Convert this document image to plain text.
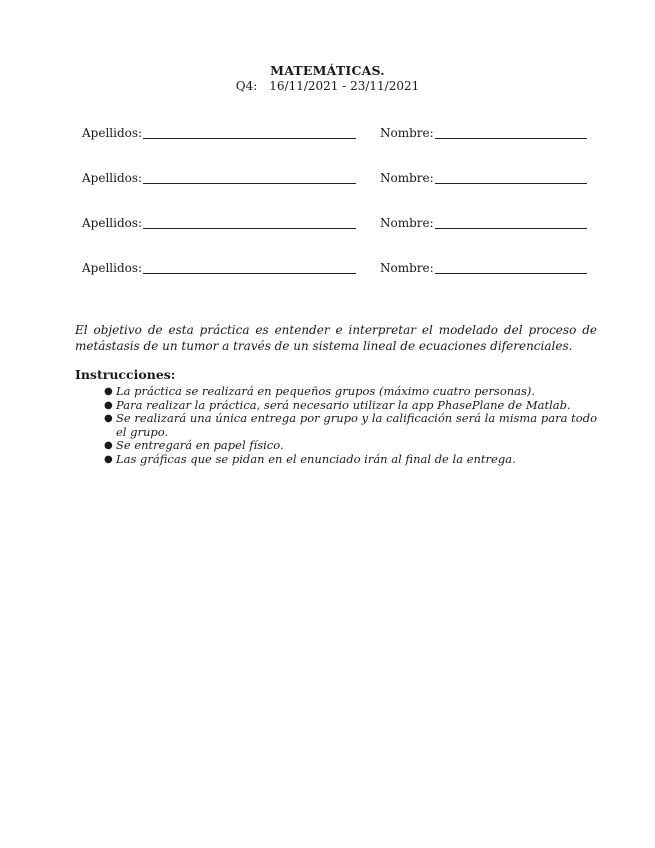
MATEMÁTICAS.
Q4: 16/11/2021 - 23/11/2021
Apellidos:	Nombre:
Apellidos:	Nombre:
Apellidos:	Nombre:
Apellidos:	Nombre:

El objetivo de esta práctica es entender e interpretar el modelado del proceso de metástasis de un tumor a través de un sistema lineal de ecuaciones diferenciales.

Instrucciones:
● La práctica se realizará en pequeños grupos (máximo cuatro personas).
● Para realizar la práctica, será necesario utilizar la app PhasePlane de Matlab.
● Se realizará una única entrega por grupo y la calificación será la misma para todo el grupo.
● Se entregará en papel físico.
● Las gráficas que se pidan en el enunciado irán al final de la entrega.
